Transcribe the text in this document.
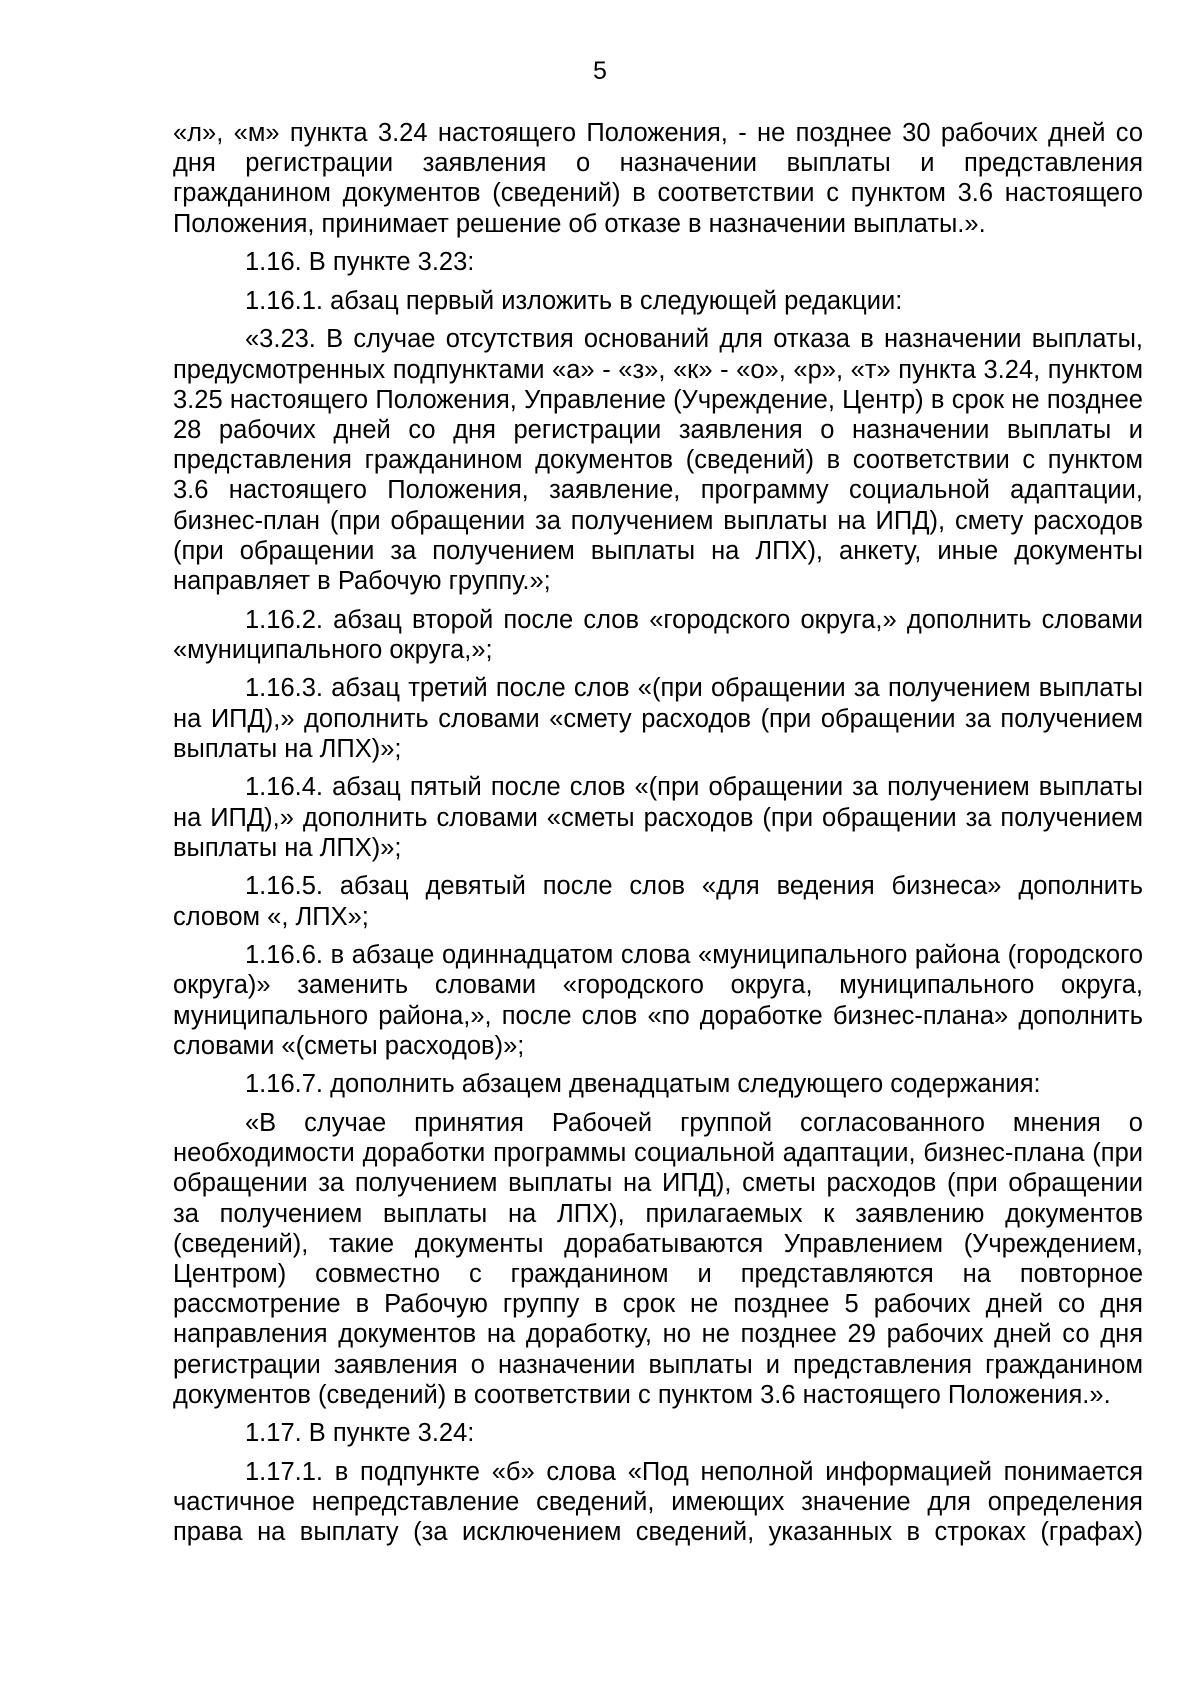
5

«л», «м» пункта 3.24 настоящего Положения, - не позднее 30 рабочих дней со дня регистрации заявления о назначении выплаты и представления гражданином документов (сведений) в соответствии с пунктом 3.6 настоящего Положения, принимает решение об отказе в назначении выплаты.».

1.16. В пункте 3.23:

1.16.1. абзац первый изложить в следующей редакции:

«3.23. В случае отсутствия оснований для отказа в назначении выплаты, предусмотренных подпунктами «а» - «з», «к» - «о», «р», «т» пункта 3.24, пунктом 3.25 настоящего Положения, Управление (Учреждение, Центр) в срок не позднее 28 рабочих дней со дня регистрации заявления о назначении выплаты и представления гражданином документов (сведений) в соответствии с пунктом 3.6 настоящего Положения, заявление, программу социальной адаптации, бизнес-план (при обращении за получением выплаты на ИПД), смету расходов (при обращении за получением выплаты на ЛПХ), анкету, иные документы направляет в Рабочую группу.»;

1.16.2. абзац второй после слов «городского округа,» дополнить словами «муниципального округа,»;

1.16.3. абзац третий после слов «(при обращении за получением выплаты на ИПД),» дополнить словами «смету расходов (при обращении за получением выплаты на ЛПХ)»;

1.16.4. абзац пятый после слов «(при обращении за получением выплаты на ИПД),» дополнить словами «сметы расходов (при обращении за получением выплаты на ЛПХ)»;

1.16.5. абзац девятый после слов «для ведения бизнеса» дополнить словом «, ЛПХ»;

1.16.6. в абзаце одиннадцатом слова «муниципального района (городского округа)» заменить словами «городского округа, муниципального округа, муниципального района,», после слов «по доработке бизнес-плана» дополнить словами «(сметы расходов)»;

1.16.7. дополнить абзацем двенадцатым следующего содержания:

«В случае принятия Рабочей группой согласованного мнения о необходимости доработки программы социальной адаптации, бизнес-плана (при обращении за получением выплаты на ИПД), сметы расходов (при обращении за получением выплаты на ЛПХ), прилагаемых к заявлению документов (сведений), такие документы дорабатываются Управлением (Учреждением, Центром) совместно с гражданином и представляются на повторное рассмотрение в Рабочую группу в срок не позднее 5 рабочих дней со дня направления документов на доработку, но не позднее 29 рабочих дней со дня регистрации заявления о назначении выплаты и представления гражданином документов (сведений) в соответствии с пунктом 3.6 настоящего Положения.».

1.17. В пункте 3.24:

1.17.1. в подпункте «б» слова «Под неполной информацией понимается частичное непредставление сведений, имеющих значение для определения права на выплату (за исключением сведений, указанных в строках (графах)
